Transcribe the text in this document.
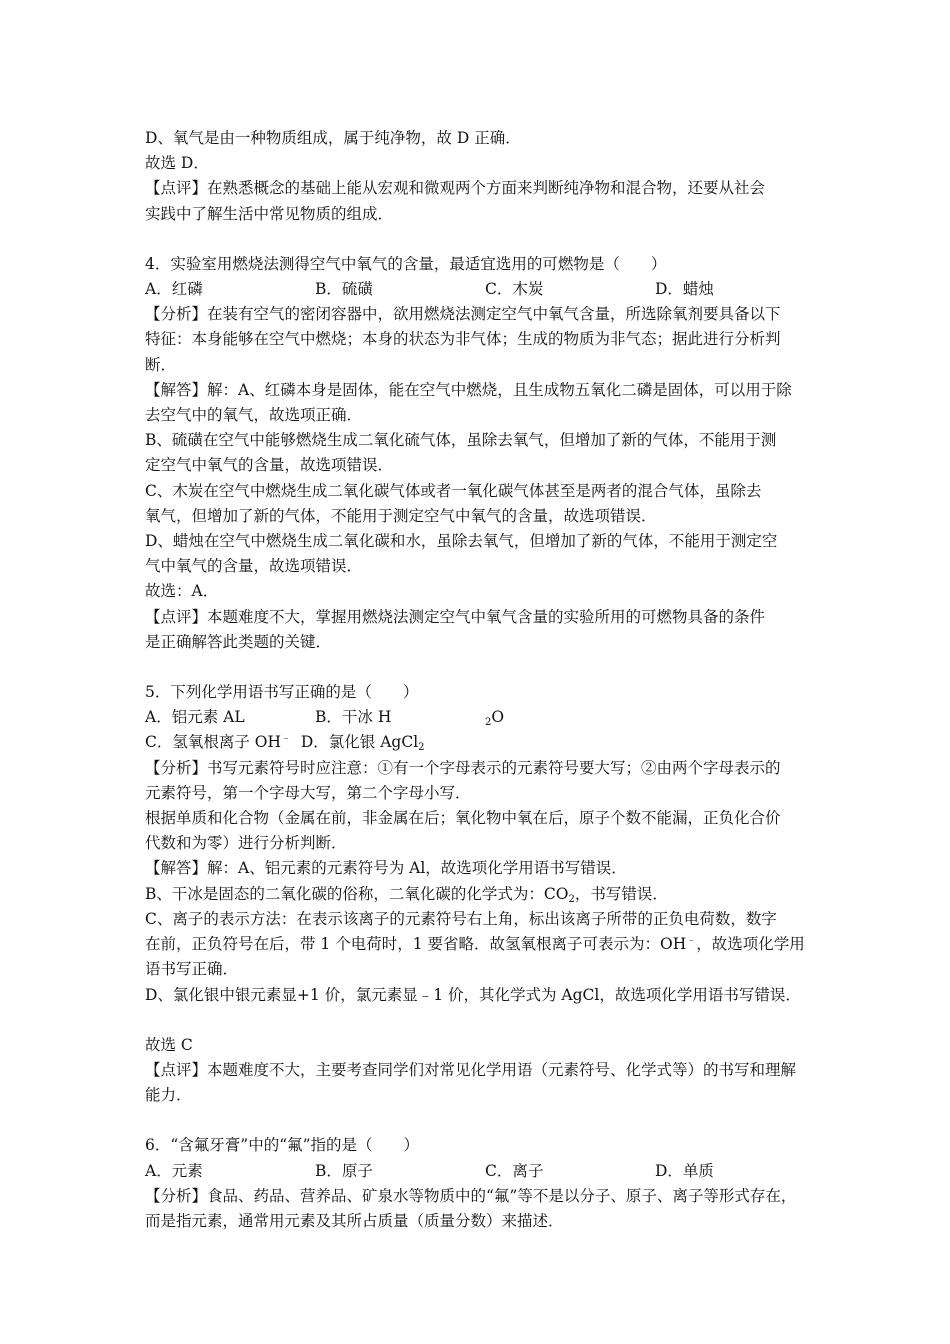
D、氧气是由一种物质组成，属于纯净物，故 D 正确．
故选 D．
【点评】在熟悉概念的基础上能从宏观和微观两个方面来判断纯净物和混合物，还要从社会
实践中了解生活中常见物质的组成．
4．实验室用燃烧法测得空气中氧气的含量，最适宜选用的可燃物是（　　）
A．红磷	B．硫磺	C．木炭	D．蜡烛
【分析】在装有空气的密闭容器中，欲用燃烧法测定空气中氧气含量，所选除氧剂要具备以下
特征：本身能够在空气中燃烧；本身的状态为非气体；生成的物质为非气态；据此进行分析判
断．
【解答】解：A、红磷本身是固体，能在空气中燃烧，且生成物五氧化二磷是固体，可以用于除
去空气中的氧气，故选项正确．
B、硫磺在空气中能够燃烧生成二氧化硫气体，虽除去氧气，但增加了新的气体，不能用于测
定空气中氧气的含量，故选项错误．
C、木炭在空气中燃烧生成二氧化碳气体或者一氧化碳气体甚至是两者的混合气体，虽除去
氧气，但增加了新的气体，不能用于测定空气中氧气的含量，故选项错误．
D、蜡烛在空气中燃烧生成二氧化碳和水，虽除去氧气，但增加了新的气体，不能用于测定空
气中氧气的含量，故选项错误．
故选：A．
【点评】本题难度不大，掌握用燃烧法测定空气中氧气含量的实验所用的可燃物具备的条件
是正确解答此类题的关键．
5．下列化学用语书写正确的是（　　）
A．铝元素 AL	B．干冰 H	$_2$O
C．氢氧根离子 OH﹣ D．氯化银 AgCl$_2$
【分析】书写元素符号时应注意：①有一个字母表示的元素符号要大写；②由两个字母表示的
元素符号，第一个字母大写，第二个字母小写．
根据单质和化合物（金属在前，非金属在后；氧化物中氧在后，原子个数不能漏，正负化合价
代数和为零）进行分析判断．
【解答】解：A、铝元素的元素符号为 Al，故选项化学用语书写错误．
B、干冰是固态的二氧化碳的俗称，二氧化碳的化学式为：$CO_2$，书写错误．
C、离子的表示方法：在表示该离子的元素符号右上角，标出该离子所带的正负电荷数，数字
在前，正负符号在后，带 1 个电荷时，1 要省略．故氢氧根离子可表示为：OH﹣，故选项化学用
语书写正确．
D、氯化银中银元素显+1 价，氯元素显﹣1 价，其化学式为 AgCl，故选项化学用语书写错误．
故选 C
【点评】本题难度不大，主要考查同学们对常见化学用语（元素符号、化学式等）的书写和理解
能力．
6．“含氟牙膏”中的“氟”指的是（　　）
A．元素	B．原子	C．离子	D．单质
【分析】食品、药品、营养品、矿泉水等物质中的“氟”等不是以分子、原子、离子等形式存在，
而是指元素，通常用元素及其所占质量（质量分数）来描述．
